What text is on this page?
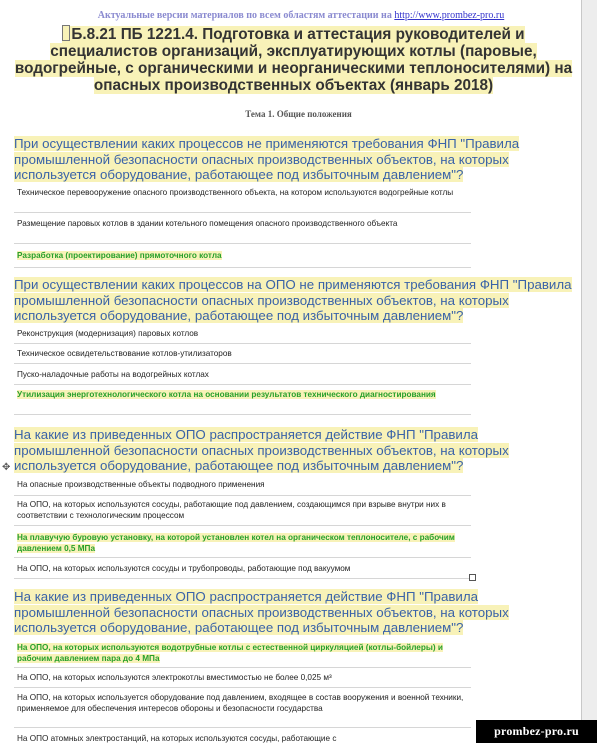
Актуальные версии материалов по всем областям аттестации на http://www.prombez-pro.ru
Б.8.21 ПБ 1221.4. Подготовка и аттестация руководителей и специалистов организаций, эксплуатирующих котлы (паровые, водогрейные, с органическими и неорганическими теплоносителями) на опасных производственных объектах (январь 2018)
Тема 1. Общие положения
При осуществлении каких процессов не применяются требования ФНП "Правила промышленной безопасности опасных производственных объектов, на которых используется оборудование, работающее под избыточным давлением"?
Техническое перевооружение опасного производственного объекта, на котором используются водогрейные котлы
Размещение паровых котлов в здании котельного помещения опасного производственного объекта
Разработка (проектирование) прямоточного котла
При осуществлении каких процессов на ОПО не применяются требования ФНП "Правила промышленной безопасности опасных производственных объектов, на которых используется оборудование, работающее под избыточным давлением"?
Реконструкция (модернизация) паровых котлов
Техническое освидетельствование котлов-утилизаторов
Пуско-наладочные работы на водогрейных котлах
Утилизация энерготехнологического котла на основании результатов технического диагностирования
✥
На какие из приведенных ОПО распространяется действие ФНП "Правила промышленной безопасности опасных производственных объектов, на которых используется оборудование, работающее под избыточным давлением"?
На опасные производственные объекты подводного применения
На ОПО, на которых используются сосуды, работающие под давлением, создающимся при взрыве внутри них в соответствии с технологическим процессом
На плавучую буровую установку, на которой установлен котел на органическом теплоносителе, с рабочим давлением 0,5 МПа
На ОПО, на которых используются сосуды и трубопроводы, работающие под вакуумом
На какие из приведенных ОПО распространяется действие ФНП "Правила промышленной безопасности опасных производственных объектов, на которых используется оборудование, работающее под избыточным давлением"?
На ОПО, на которых используются водотрубные котлы с естественной циркуляцией (котлы-бойлеры) и рабочим давлением пара до 4 МПа
На ОПО, на которых используются электрокотлы вместимостью не более 0,025 м³
На ОПО, на которых используется оборудование под давлением, входящее в состав вооружения и военной техники, применяемое для обеспечения интересов обороны и безопасности государства
На ОПО атомных электростанций, на которых используются сосуды, работающие с
prombez-pro.ru
